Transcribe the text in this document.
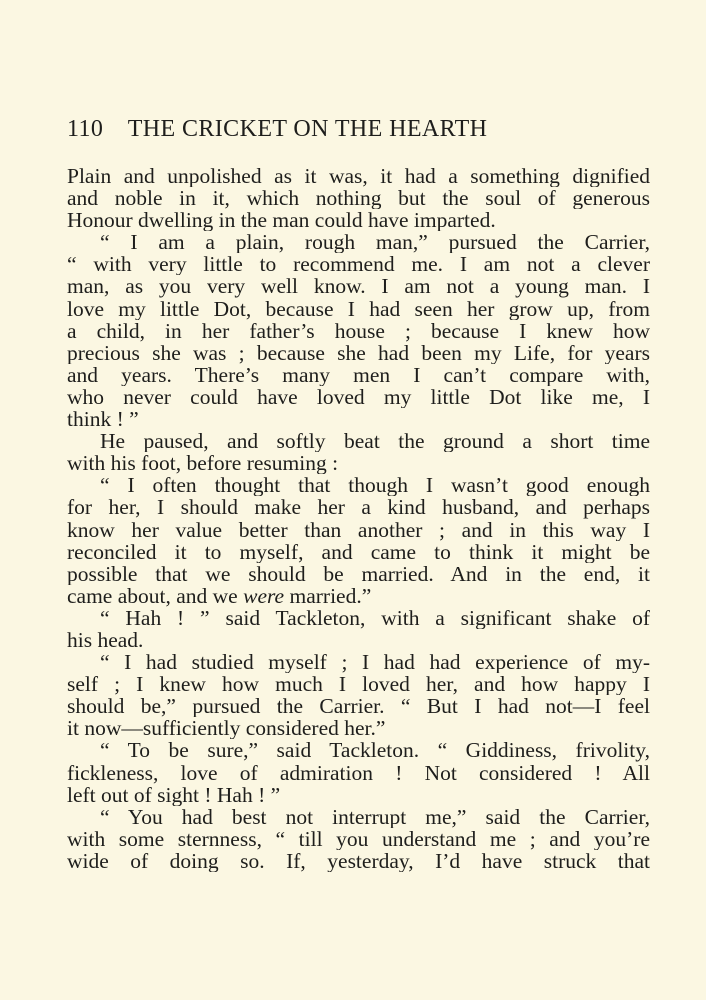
110 THE CRICKET ON THE HEARTH
Plain and unpolished as it was, it had a something dignified
and noble in it, which nothing but the soul of generous
Honour dwelling in the man could have imparted.
“ I am a plain, rough man,” pursued the Carrier,
“ with very little to recommend me. I am not a clever
man, as you very well know. I am not a young man. I
love my little Dot, because I had seen her grow up, from
a child, in her father’s house ; because I knew how
precious she was ; because she had been my Life, for years
and years. There’s many men I can’t compare with,
who never could have loved my little Dot like me, I
think ! ”
He paused, and softly beat the ground a short time
with his foot, before resuming :
“ I often thought that though I wasn’t good enough
for her, I should make her a kind husband, and perhaps
know her value better than another ; and in this way I
reconciled it to myself, and came to think it might be
possible that we should be married. And in the end, it
came about, and we were married.”
“ Hah ! ” said Tackleton, with a significant shake of
his head.
“ I had studied myself ; I had had experience of my-
self ; I knew how much I loved her, and how happy I
should be,” pursued the Carrier. “ But I had not—I feel
it now—sufficiently considered her.”
“ To be sure,” said Tackleton. “ Giddiness, frivolity,
fickleness, love of admiration ! Not considered ! All
left out of sight ! Hah ! ”
“ You had best not interrupt me,” said the Carrier,
with some sternness, “ till you understand me ; and you’re
wide of doing so. If, yesterday, I’d have struck that
